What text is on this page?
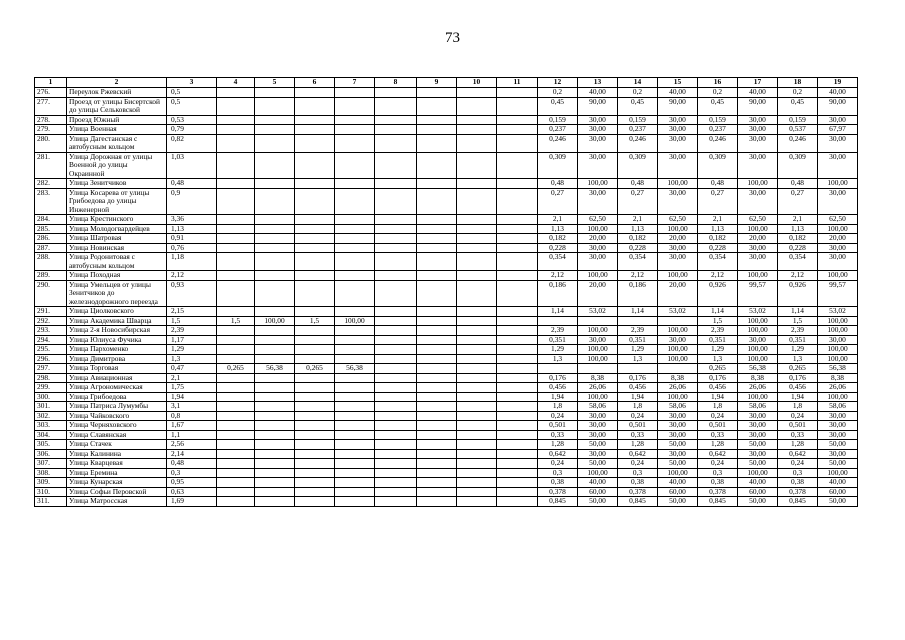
73
1	2	3	4	5	6	7	8	9	10	11	12	13	14	15	16	17	18	19
276.	Переулок Ржевский	0,5									0,2	40,00	0,2	40,00	0,2	40,00	0,2	40,00
277.	Проезд от улицы Бисертской до улицы Сельковской	0,5									0,45	90,00	0,45	90,00	0,45	90,00	0,45	90,00
278.	Проезд Южный	0,53									0,159	30,00	0,159	30,00	0,159	30,00	0,159	30,00
279.	Улица Военная	0,79									0,237	30,00	0,237	30,00	0,237	30,00	0,537	67,97
280.	Улица Дагестанская с автобусным кольцом	0,82									0,246	30,00	0,246	30,00	0,246	30,00	0,246	30,00
281.	Улица Дорожная от улицы Военной до улицы Окраинной	1,03									0,309	30,00	0,309	30,00	0,309	30,00	0,309	30,00
282.	Улица Зенитчиков	0,48									0,48	100,00	0,48	100,00	0,48	100,00	0,48	100,00
283.	Улица Косарева от улицы Грибоедова до улицы Инженерной	0,9									0,27	30,00	0,27	30,00	0,27	30,00	0,27	30,00
284.	Улица Крестинского	3,36									2,1	62,50	2,1	62,50	2,1	62,50	2,1	62,50
285.	Улица Молодогвардейцев	1,13									1,13	100,00	1,13	100,00	1,13	100,00	1,13	100,00
286.	Улица Шатровая	0,91									0,182	20,00	0,182	20,00	0,182	20,00	0,182	20,00
287.	Улица Новинская	0,76									0,228	30,00	0,228	30,00	0,228	30,00	0,228	30,00
288.	Улица Родонитовая с автобусным кольцом	1,18									0,354	30,00	0,354	30,00	0,354	30,00	0,354	30,00
289.	Улица Походная	2,12									2,12	100,00	2,12	100,00	2,12	100,00	2,12	100,00
290.	Улица Умельцев от улицы Зенитчиков до железнодорожного переезда	0,93									0,186	20,00	0,186	20,00	0,926	99,57	0,926	99,57
291.	Улица Циолковского	2,15									1,14	53,02	1,14	53,02	1,14	53,02	1,14	53,02
292.	Улица Академика Шварца	1,5	1,5	100,00	1,5	100,00									1,5	100,00	1,5	100,00
293.	Улица 2-я Новосибирская	2,39									2,39	100,00	2,39	100,00	2,39	100,00	2,39	100,00
294.	Улица Юлиуса Фучика	1,17									0,351	30,00	0,351	30,00	0,351	30,00	0,351	30,00
295.	Улица Пархоменко	1,29									1,29	100,00	1,29	100,00	1,29	100,00	1,29	100,00
296.	Улица Димитрова	1,3									1,3	100,00	1,3	100,00	1,3	100,00	1,3	100,00
297.	Улица Торговая	0,47	0,265	56,38	0,265	56,38									0,265	56,38	0,265	56,38
298.	Улица Авиационная	2,1									0,176	8,38	0,176	8,38	0,176	8,38	0,176	8,38
299.	Улица Агрономическая	1,75									0,456	26,06	0,456	26,06	0,456	26,06	0,456	26,06
300.	Улица Грибоедова	1,94									1,94	100,00	1,94	100,00	1,94	100,00	1,94	100,00
301.	Улица Патриса Лумумбы	3,1									1,8	58,06	1,8	58,06	1,8	58,06	1,8	58,06
302.	Улица Чайковского	0,8									0,24	30,00	0,24	30,00	0,24	30,00	0,24	30,00
303.	Улица Черняховского	1,67									0,501	30,00	0,501	30,00	0,501	30,00	0,501	30,00
304.	Улица Славянская	1,1									0,33	30,00	0,33	30,00	0,33	30,00	0,33	30,00
305.	Улица Стачек	2,56									1,28	50,00	1,28	50,00	1,28	50,00	1,28	50,00
306.	Улица Калинина	2,14									0,642	30,00	0,642	30,00	0,642	30,00	0,642	30,00
307.	Улица Кварцевая	0,48									0,24	50,00	0,24	50,00	0,24	50,00	0,24	50,00
308.	Улица Еремина	0,3									0,3	100,00	0,3	100,00	0,3	100,00	0,3	100,00
309.	Улица Кунарская	0,95									0,38	40,00	0,38	40,00	0,38	40,00	0,38	40,00
310.	Улица Софьи Перовской	0,63									0,378	60,00	0,378	60,00	0,378	60,00	0,378	60,00
311.	Улица Матросская	1,69									0,845	50,00	0,845	50,00	0,845	50,00	0,845	50,00
